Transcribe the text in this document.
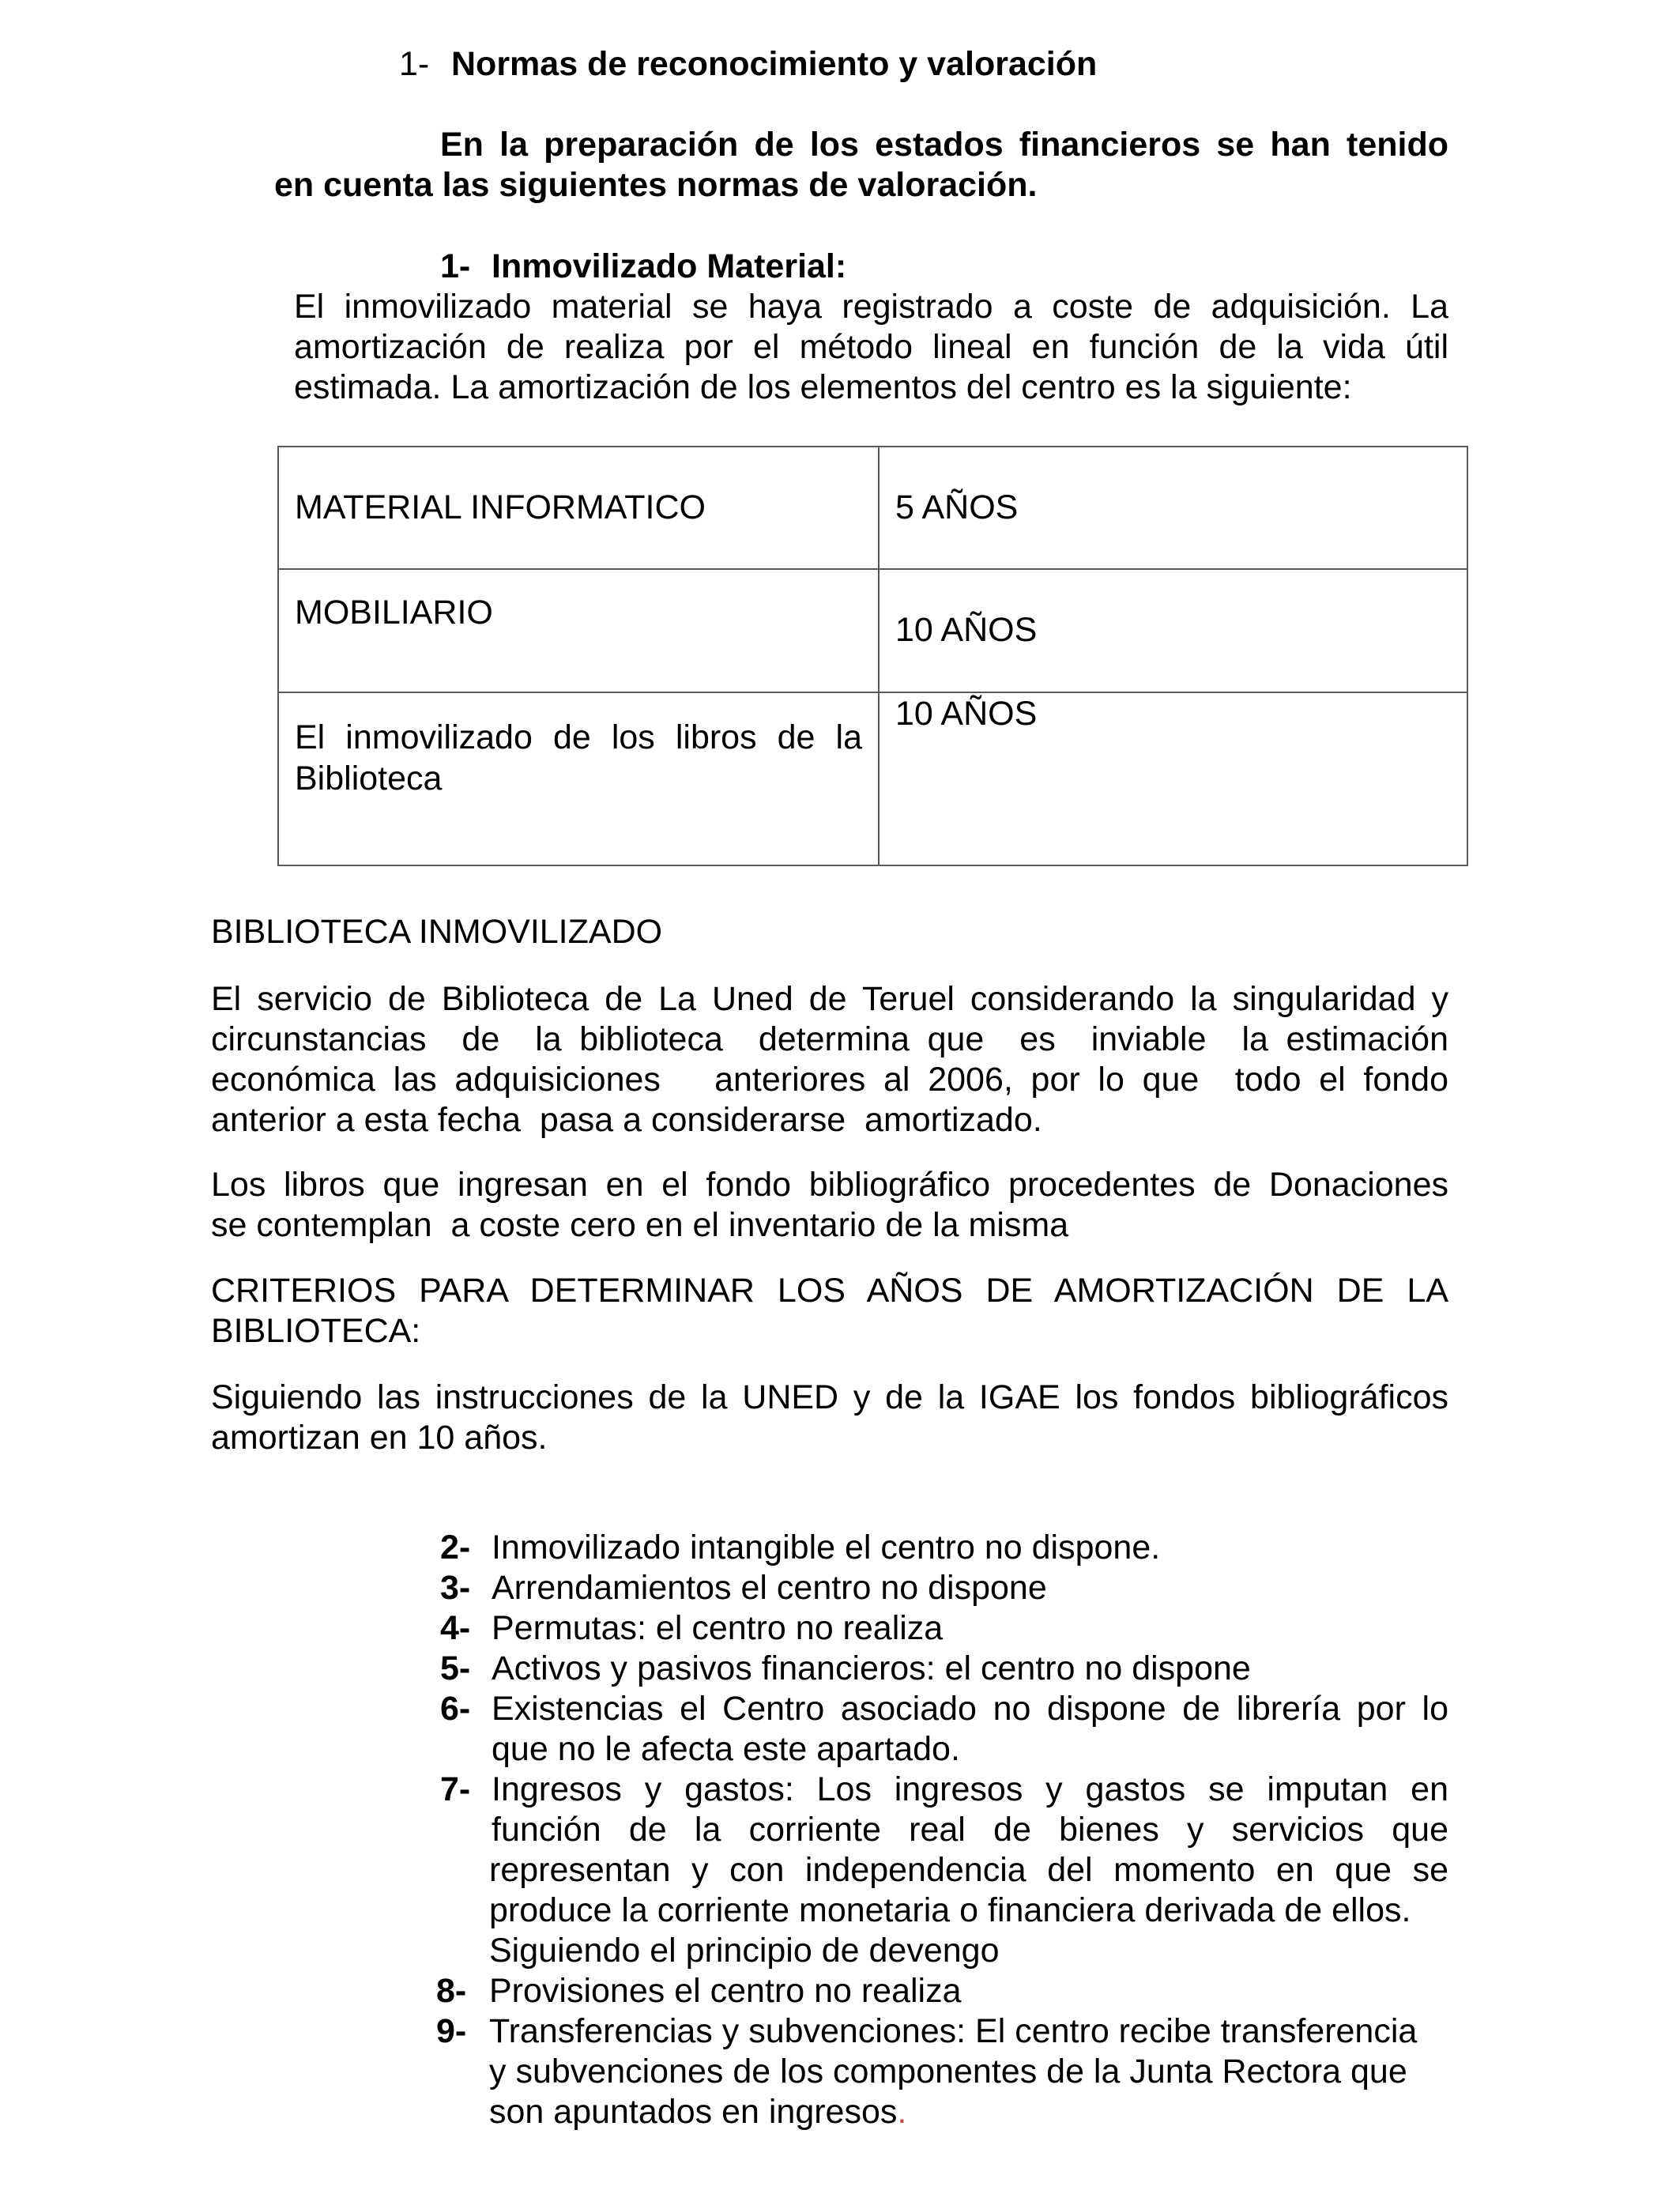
1- Normas de reconocimiento y valoración
En la preparación de los estados financieros se han tenido
en cuenta las siguientes normas de valoración.
1- Inmovilizado Material:
El inmovilizado material se haya registrado a coste de adquisición. La
amortización de realiza por el método lineal en función de la vida útil
estimada. La amortización de los elementos del centro es la siguiente:
MATERIAL INFORMATICO	5 AÑOS

MOBILIARIO	10 AÑOS

El inmovilizado de los libros de la
Biblioteca	10 AÑOS
BIBLIOTECA INMOVILIZADO
El servicio de Biblioteca de La Uned de Teruel considerando la singularidad y
circunstancias  de  la biblioteca  determina que  es  inviable  la estimación
económica las adquisiciones   anteriores al 2006, por lo que  todo el fondo
anterior a esta fecha  pasa a considerarse  amortizado.
Los libros que ingresan en el fondo bibliográfico procedentes de Donaciones
se contemplan  a coste cero en el inventario de la misma
CRITERIOS PARA DETERMINAR LOS AÑOS DE AMORTIZACIÓN DE LA
BIBLIOTECA:
Siguiendo las instrucciones de la UNED y de la IGAE los fondos bibliográficos
amortizan en 10 años.
2- Inmovilizado intangible el centro no dispone.
3- Arrendamientos el centro no dispone
4- Permutas: el centro no realiza
5- Activos y pasivos financieros: el centro no dispone
6- Existencias el Centro asociado no dispone de librería por lo
que no le afecta este apartado.
7- Ingresos y gastos: Los ingresos y gastos se imputan en
función de la corriente real de bienes y servicios que
representan y con independencia del momento en que se
produce la corriente monetaria o financiera derivada de ellos.
Siguiendo el principio de devengo
8- Provisiones el centro no realiza
9- Transferencias y subvenciones: El centro recibe transferencia
y subvenciones de los componentes de la Junta Rectora que
son apuntados en ingresos.
